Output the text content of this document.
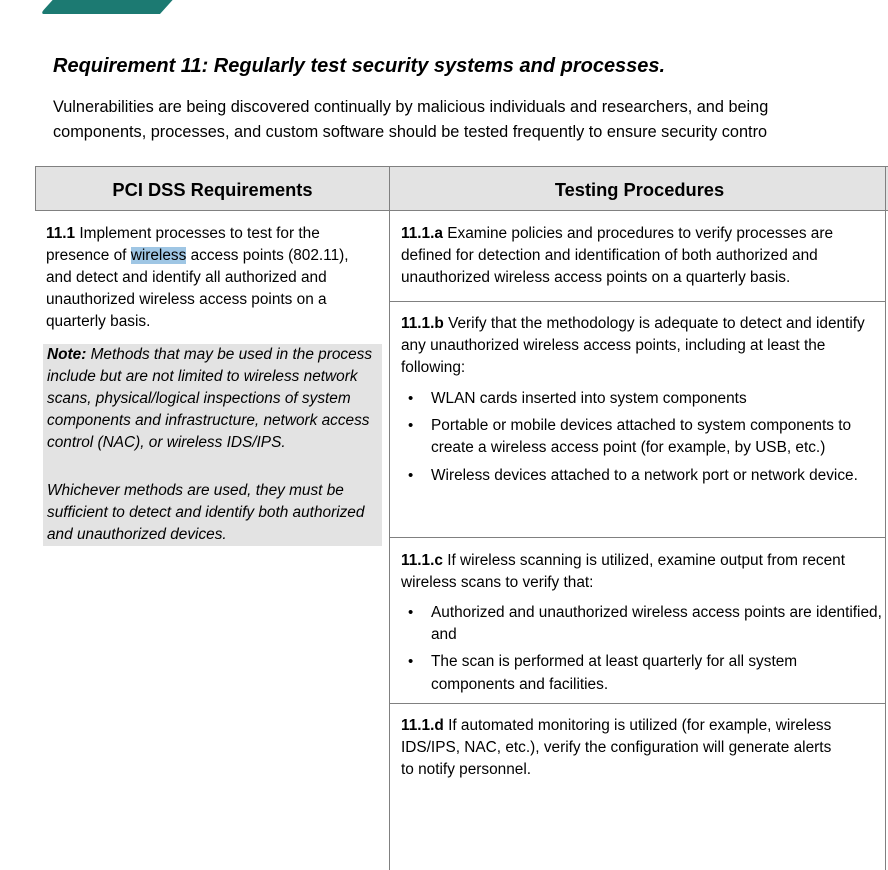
Requirement 11: Regularly test security systems and processes.
Vulnerabilities are being discovered continually by malicious individuals and researchers, and being
components, processes, and custom software should be tested frequently to ensure security contro
PCI DSS Requirements	Testing Procedures
11.1 Implement processes to test for the presence of wireless access points (802.11), and detect and identify all authorized and unauthorized wireless access points on a quarterly basis.
Note: Methods that may be used in the process include but are not limited to wireless network scans, physical/logical inspections of system components and infrastructure, network access control (NAC), or wireless IDS/IPS.
Whichever methods are used, they must be sufficient to detect and identify both authorized and unauthorized devices.
11.1.a Examine policies and procedures to verify processes are defined for detection and identification of both authorized and unauthorized wireless access points on a quarterly basis.
11.1.b Verify that the methodology is adequate to detect and identify any unauthorized wireless access points, including at least the following:

• WLAN cards inserted into system components

• Portable or mobile devices attached to system components to create a wireless access point (for example, by USB, etc.)

• Wireless devices attached to a network port or network device.

11.1.c If wireless scanning is utilized, examine output from recent wireless scans to verify that:

• Authorized and unauthorized wireless access points are identified, and

• The scan is performed at least quarterly for all system components and facilities.

11.1.d If automated monitoring is utilized (for example, wireless IDS/IPS, NAC, etc.), verify the configuration will generate alerts to notify personnel.
